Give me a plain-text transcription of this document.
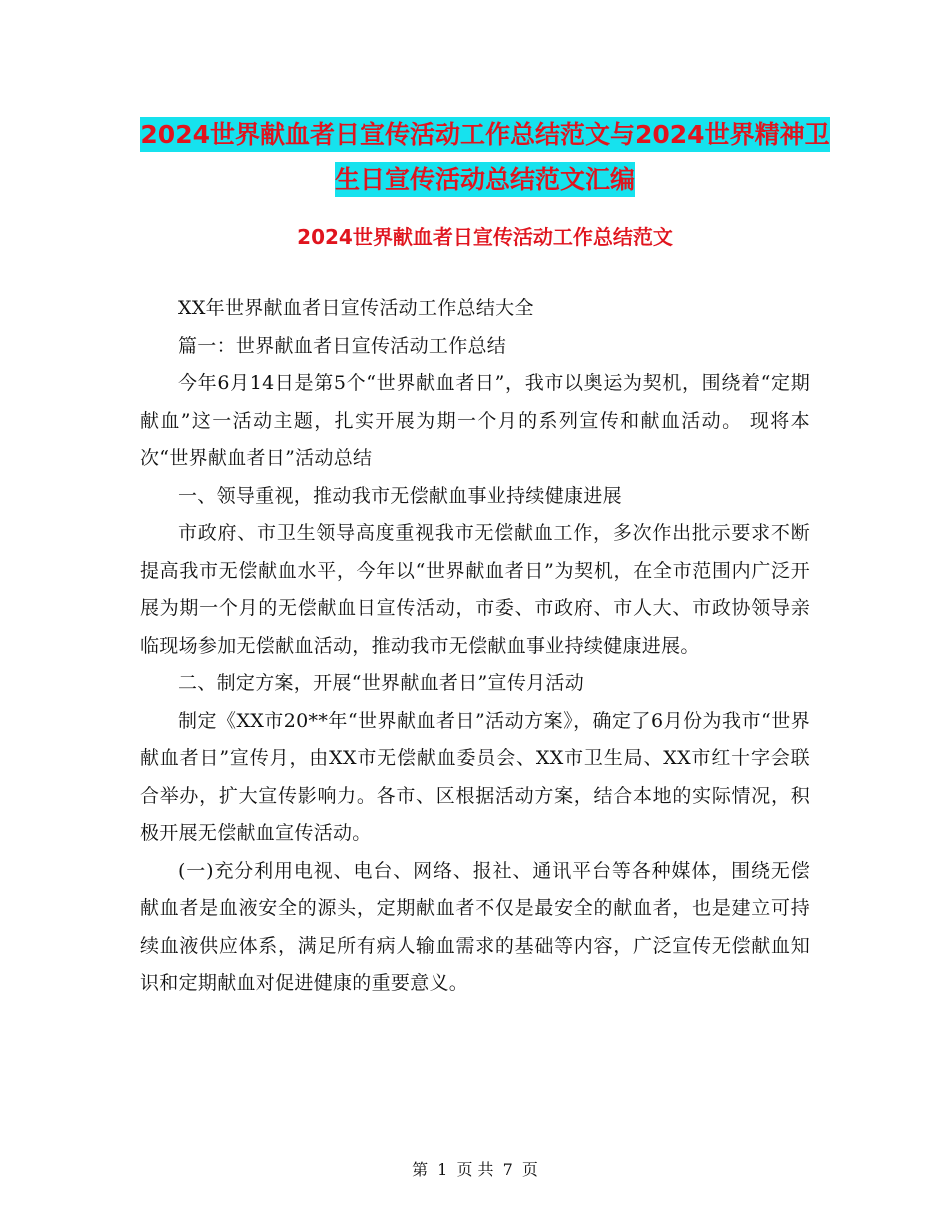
2024世界献血者日宣传活动工作总结范文与2024世界精神卫生日宣传活动总结范文汇编
2024世界献血者日宣传活动工作总结范文

XX年世界献血者日宣传活动工作总结大全

篇一：世界献血者日宣传活动工作总结

今年6月14日是第5个“世界献血者日”，我市以奥运为契机，围绕着“定期献血”这一活动主题，扎实开展为期一个月的系列宣传和献血活动。 现将本次“世界献血者日”活动总结

一、领导重视，推动我市无偿献血事业持续健康进展

市政府、市卫生领导高度重视我市无偿献血工作，多次作出批示要求不断提高我市无偿献血水平，今年以“世界献血者日”为契机，在全市范围内广泛开展为期一个月的无偿献血日宣传活动，市委、市政府、市人大、市政协领导亲临现场参加无偿献血活动，推动我市无偿献血事业持续健康进展。

二、制定方案，开展“世界献血者日”宣传月活动

制定《XX市20**年“世界献血者日”活动方案》，确定了6月份为我市“世界献血者日”宣传月，由XX市无偿献血委员会、XX市卫生局、XX市红十字会联合举办，扩大宣传影响力。各市、区根据活动方案，结合本地的实际情况，积极开展无偿献血宣传活动。

(一)充分利用电视、电台、网络、报社、通讯平台等各种媒体，围绕无偿献血者是血液安全的源头，定期献血者不仅是最安全的献血者，也是建立可持续血液供应体系，满足所有病人输血需求的基础等内容，广泛宣传无偿献血知识和定期献血对促进健康的重要意义。

第 1 页 共 7 页
